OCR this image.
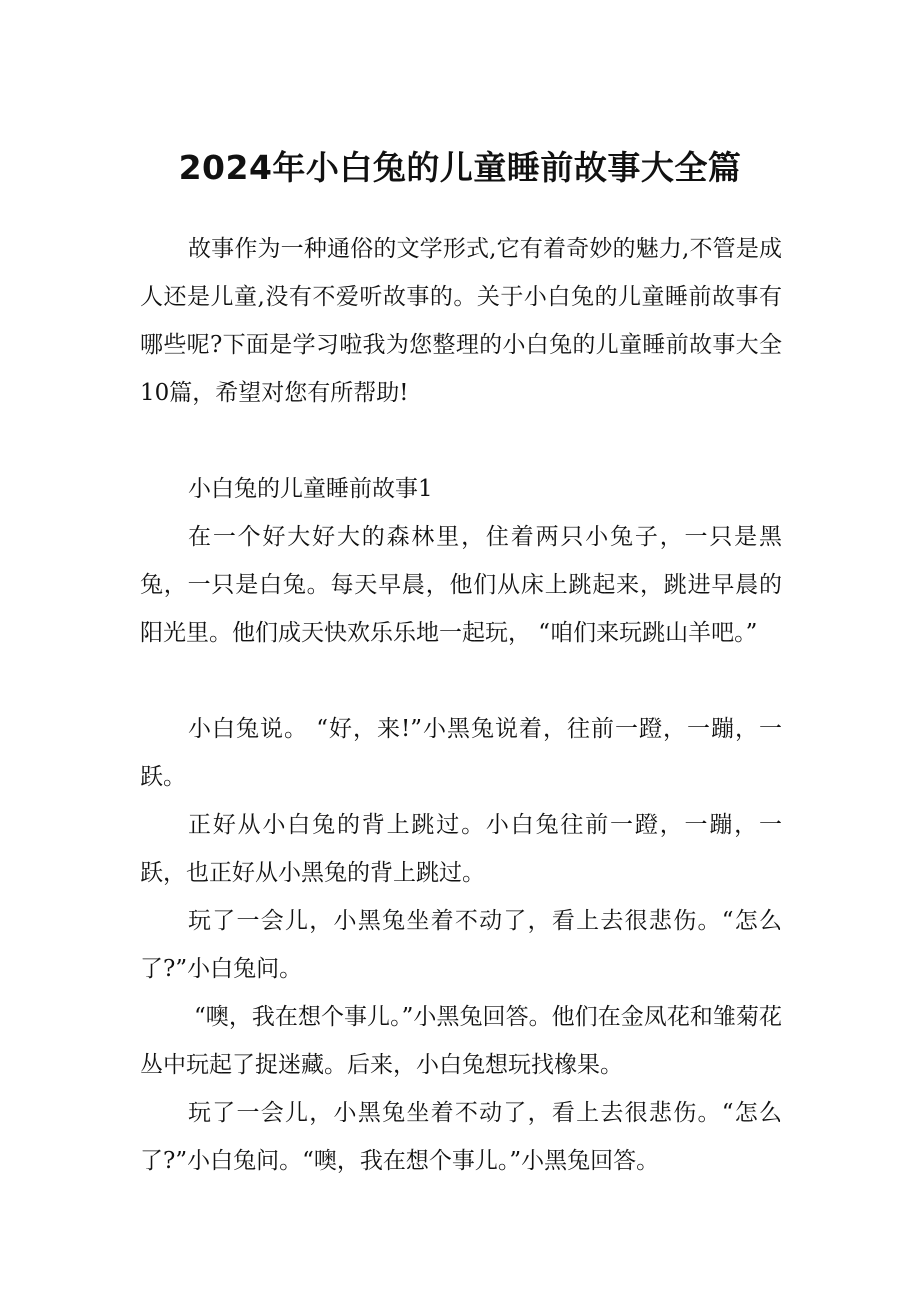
2024年小白兔的儿童睡前故事大全篇

故事作为一种通俗的文学形式,它有着奇妙的魅力,不管是成人还是儿童,没有不爱听故事的。关于小白兔的儿童睡前故事有哪些呢?下面是学习啦我为您整理的小白兔的儿童睡前故事大全10篇，希望对您有所帮助!

小白兔的儿童睡前故事1

在一个好大好大的森林里，住着两只小兔子，一只是黑兔，一只是白兔。每天早晨，他们从床上跳起来，跳进早晨的阳光里。他们成天快欢乐乐地一起玩， “咱们来玩跳山羊吧。”

小白兔说。 “好，来!”小黑兔说着，往前一蹬，一蹦，一跃。

正好从小白兔的背上跳过。小白兔往前一蹬，一蹦，一跃，也正好从小黑兔的背上跳过。

玩了一会儿，小黑兔坐着不动了，看上去很悲伤。“怎么了?”小白兔问。

“噢，我在想个事儿。”小黑兔回答。他们在金凤花和雏菊花丛中玩起了捉迷藏。后来，小白兔想玩找橡果。

玩了一会儿，小黑兔坐着不动了，看上去很悲伤。“怎么了?”小白兔问。“噢，我在想个事儿。”小黑兔回答。
